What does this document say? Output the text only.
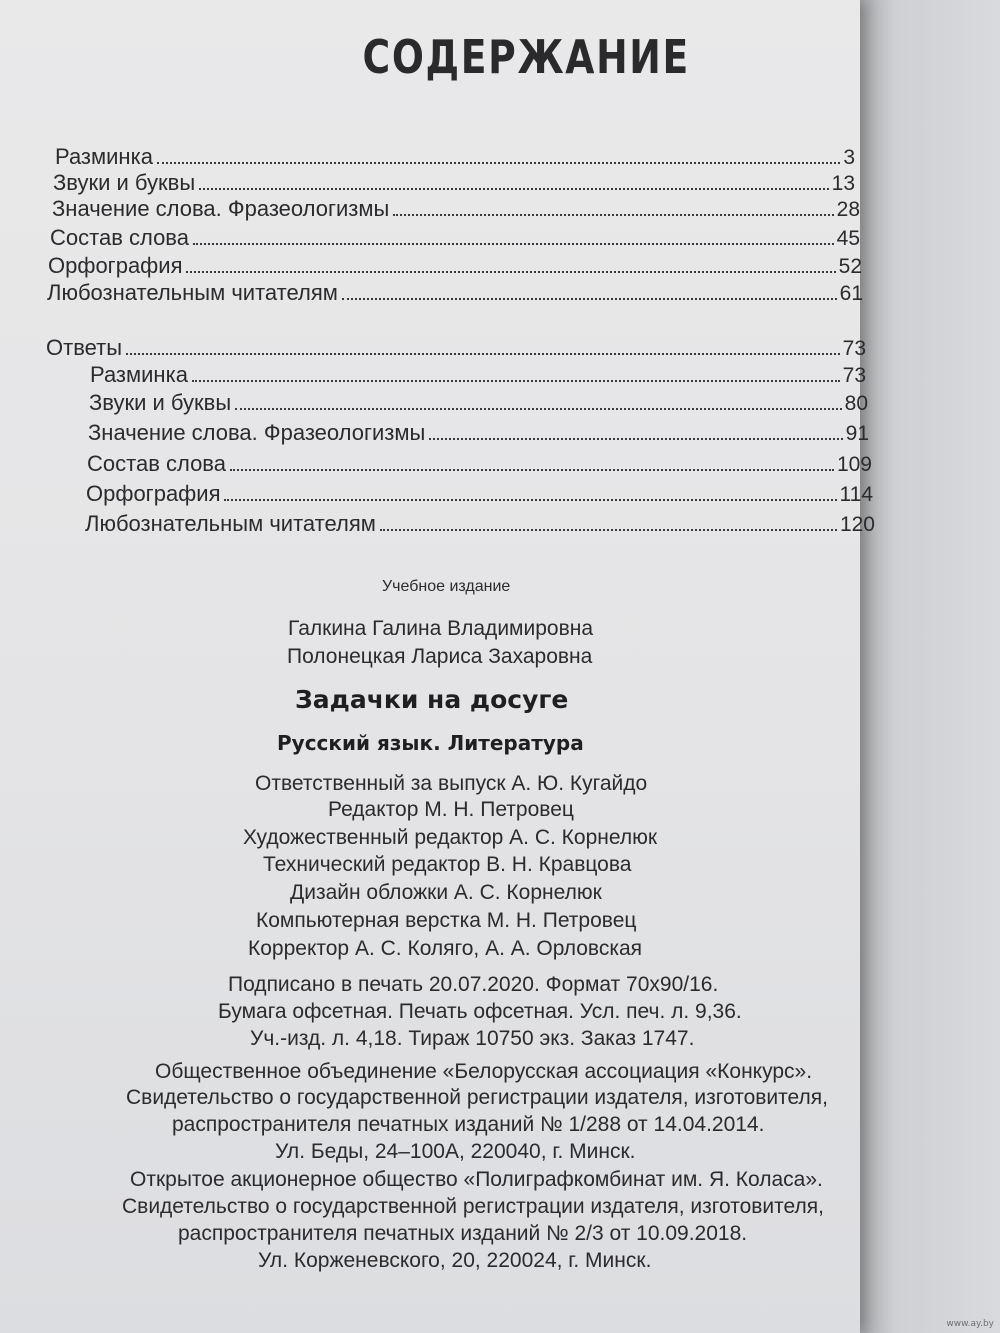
СОДЕРЖАНИЕ
Разминка	3
Звуки и буквы	13
Значение слова. Фразеологизмы	28
Состав слова	45
Орфография	52
Любознательным читателям	61
Ответы	73
Разминка	73
Звуки и буквы	80
Значение слова. Фразеологизмы	91
Состав слова	109
Орфография	114
Любознательным читателям	120
Учебное издание
Галкина Галина Владимировна
Полонецкая Лариса Захаровна
Задачки на досуге
Русский язык. Литература
Ответственный за выпуск А. Ю. Кугайдо
Редактор М. Н. Петровец
Художественный редактор А. С. Корнелюк
Технический редактор В. Н. Кравцова
Дизайн обложки А. С. Корнелюк
Компьютерная верстка М. Н. Петровец
Корректор А. С. Коляго, А. А. Орловская
Подписано в печать 20.07.2020. Формат 70х90/16.
Бумага офсетная. Печать офсетная. Усл. печ. л. 9,36.
Уч.-изд. л. 4,18. Тираж 10750 экз. Заказ 1747.
Общественное объединение «Белорусская ассоциация «Конкурс».
Свидетельство о государственной регистрации издателя, изготовителя,
распространителя печатных изданий № 1/288 от 14.04.2014.
Ул. Беды, 24–100А, 220040, г. Минск.
Открытое акционерное общество «Полиграфкомбинат им. Я. Коласа».
Свидетельство о государственной регистрации издателя, изготовителя,
распространителя печатных изданий № 2/3 от 10.09.2018.
Ул. Корженевского, 20, 220024, г. Минск.
www.ay.by
